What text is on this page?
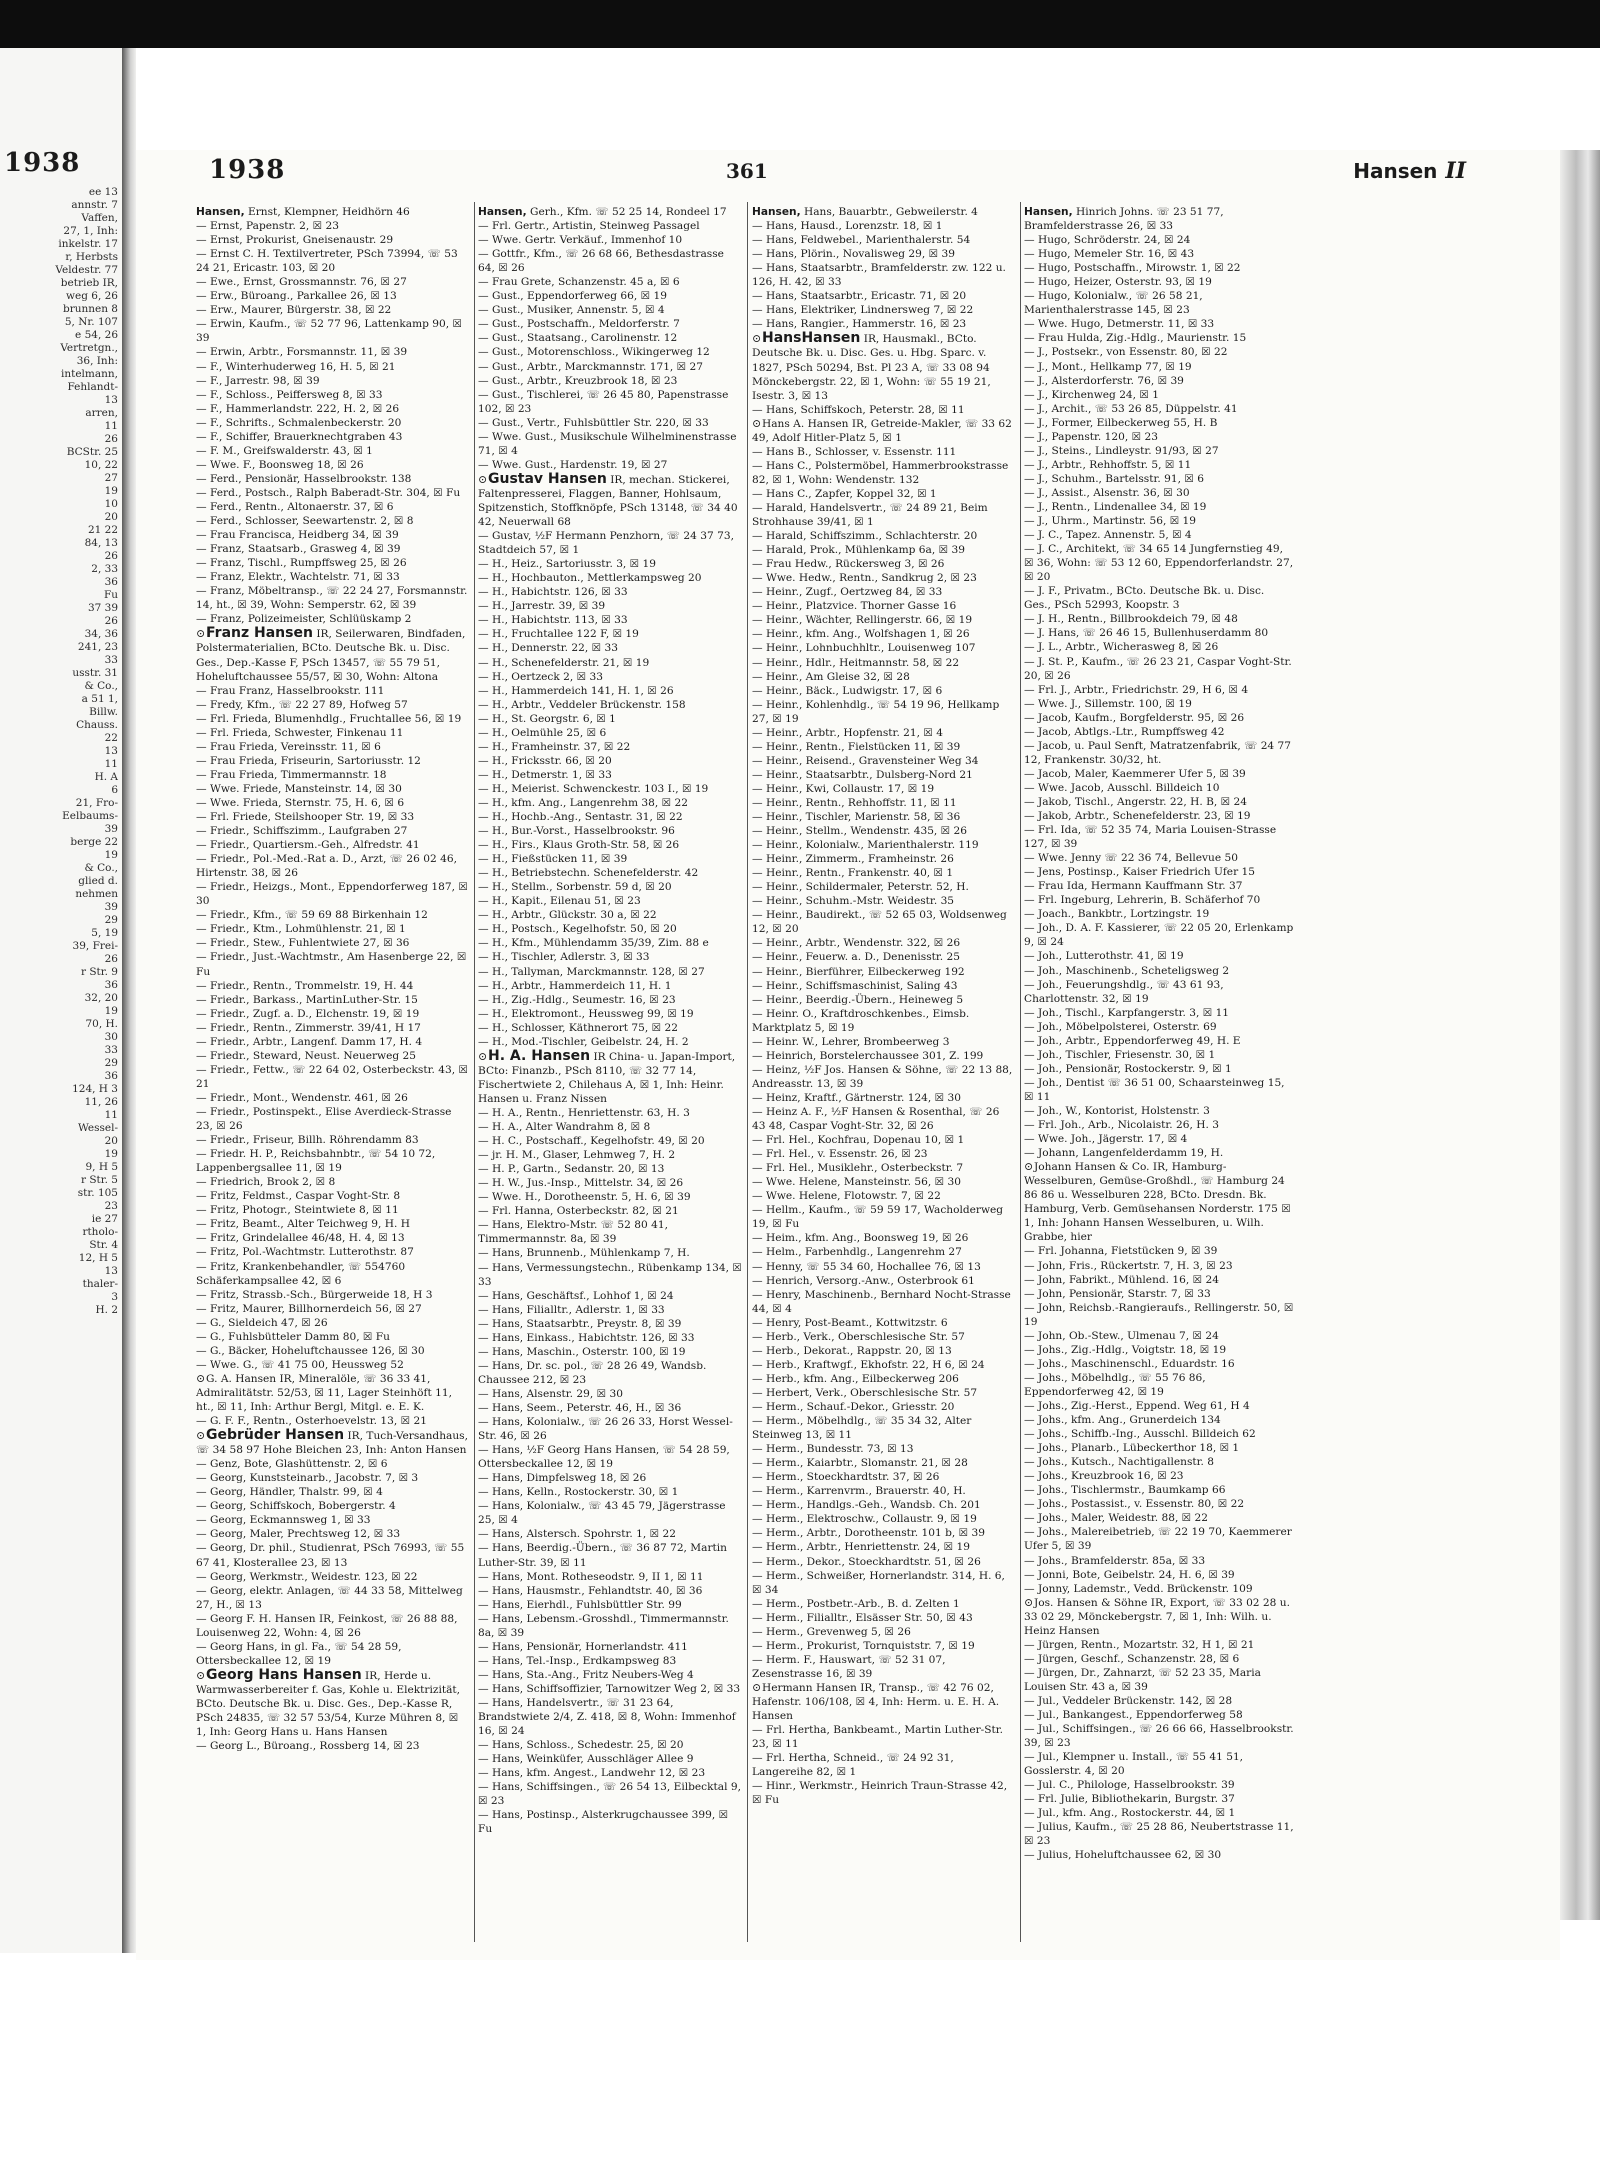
1938
ee 13
annstr. 7
Vaffen,
27, 1, Inh:
inkelstr. 17
r, Herbsts
Veldestr. 77
betrieb IR,
weg 6, 26
brunnen 8
5, Nr. 107
e 54, 26
Vertretgn.,
36, Inh:
intelmann,
Fehlandt-
13
arren,
11
26
BCStr. 25
10, 22
27
19
10
20
21 22
84, 13
26
2, 33
36
Fu
37 39
26
34, 36
241, 23
33
usstr. 31
& Co.,
a 51 1,
Billw.
Chauss.
22
13
11
H. A
6
21, Fro-
Eelbaums-
39
berge 22
19
& Co.,
glied d.
nehmen
39
29
5, 19
39, Frei-
26
r Str. 9
36
32, 20
19
70, H.
30
33
29
36
124, H 3
11, 26
11
Wessel-
20
19
9, H 5
r Str. 5
str. 105
23
ie 27
rtholo-
Str. 4
12, H 5
13
thaler-
3
H. 2
1938	361	Hansen II

Hansen, Ernst, Klempner, Heidhörn 46

— Ernst, Papenstr. 2, ☒ 23

— Ernst, Prokurist, Gneisenaustr. 29

— Ernst C. H. Textilvertreter, PSch 73994, ☏ 53 24 21, Ericastr. 103, ☒ 20

— Ewe., Ernst, Grossmannstr. 76, ☒ 27

— Erw., Büroang., Parkallee 26, ☒ 13

— Erw., Maurer, Bürgerstr. 38, ☒ 22

— Erwin, Kaufm., ☏ 52 77 96, Lattenkamp 90, ☒ 39

— Erwin, Arbtr., Forsmannstr. 11, ☒ 39

— F., Winterhuderweg 16, H. 5, ☒ 21

— F., Jarrestr. 98, ☒ 39

— F., Schloss., Peiffersweg 8, ☒ 33

— F., Hammerlandstr. 222, H. 2, ☒ 26

— F., Schrifts., Schmalenbeckerstr. 20

— F., Schiffer, Brauerknechtgraben 43

— F. M., Greifswalderstr. 43, ☒ 1

— Wwe. F., Boonsweg 18, ☒ 26

— Ferd., Pensionär, Hasselbrookstr. 138

— Ferd., Postsch., Ralph Baberadt-Str. 304, ☒ Fu

— Ferd., Rentn., Altonaerstr. 37, ☒ 6

— Ferd., Schlosser, Seewartenstr. 2, ☒ 8

— Frau Francisca, Heidberg 34, ☒ 39

— Franz, Staatsarb., Grasweg 4, ☒ 39

— Franz, Tischl., Rumpffsweg 25, ☒ 26

— Franz, Elektr., Wachtelstr. 71, ☒ 33

— Franz, Möbeltransp., ☏ 22 24 27, Forsmannstr. 14, ht., ☒ 39, Wohn: Semperstr. 62, ☒ 39

— Franz, Polizeimeister, Schlüüskamp 2

⊙Franz Hansen IR, Seilerwaren, Bindfaden, Polstermaterialien, BCto. Deutsche Bk. u. Disc. Ges., Dep.-Kasse F, PSch 13457, ☏ 55 79 51, Hoheluftchaussee 55/57, ☒ 30, Wohn: Altona

— Frau Franz, Hasselbrookstr. 111

— Fredy, Kfm., ☏ 22 27 89, Hofweg 57

— Frl. Frieda, Blumenhdlg., Fruchtallee 56, ☒ 19

— Frl. Frieda, Schwester, Finkenau 11

— Frau Frieda, Vereinsstr. 11, ☒ 6

— Frau Frieda, Friseurin, Sartoriusstr. 12

— Frau Frieda, Timmermannstr. 18

— Wwe. Friede, Mansteinstr. 14, ☒ 30

— Wwe. Frieda, Sternstr. 75, H. 6, ☒ 6

— Frl. Friede, Steilshooper Str. 19, ☒ 33

— Friedr., Schiffszimm., Laufgraben 27

— Friedr., Quartiersm.-Geh., Alfredstr. 41

— Friedr., Pol.-Med.-Rat a. D., Arzt, ☏ 26 02 46, Hirtenstr. 38, ☒ 26

— Friedr., Heizgs., Mont., Eppendorferweg 187, ☒ 30

— Friedr., Kfm., ☏ 59 69 88 Birkenhain 12

— Friedr., Ktm., Lohmühlenstr. 21, ☒ 1

— Friedr., Stew., Fuhlentwiete 27, ☒ 36

— Friedr., Just.-Wachtmstr., Am Hasenberge 22, ☒ Fu

— Friedr., Rentn., Trommelstr. 19, H. 44

— Friedr., Barkass., MartinLuther-Str. 15

— Friedr., Zugf. a. D., Elchenstr. 19, ☒ 19

— Friedr., Rentn., Zimmerstr. 39/41, H 17

— Friedr., Arbtr., Langenf. Damm 17, H. 4

— Friedr., Steward, Neust. Neuerweg 25

— Friedr., Fettw., ☏ 22 64 02, Osterbeckstr. 43, ☒ 21

— Friedr., Mont., Wendenstr. 461, ☒ 26

— Friedr., Postinspekt., Elise Averdieck-Strasse 23, ☒ 26

— Friedr., Friseur, Billh. Röhrendamm 83

— Friedr. H. P., Reichsbahnbtr., ☏ 54 10 72, Lappenbergsallee 11, ☒ 19

— Friedrich, Brook 2, ☒ 8

— Fritz, Feldmst., Caspar Voght-Str. 8

— Fritz, Photogr., Steintwiete 8, ☒ 11

— Fritz, Beamt., Alter Teichweg 9, H. H

— Fritz, Grindelallee 46/48, H. 4, ☒ 13

— Fritz, Pol.-Wachtmstr. Lutterothstr. 87

— Fritz, Krankenbehandler, ☏ 554760 Schäferkampsallee 42, ☒ 6

— Fritz, Strassb.-Sch., Bürgerweide 18, H 3

— Fritz, Maurer, Billhornerdeich 56, ☒ 27

— G., Sieldeich 47, ☒ 26

— G., Fuhlsbütteler Damm 80, ☒ Fu

— G., Bäcker, Hoheluftchaussee 126, ☒ 30

— Wwe. G., ☏ 41 75 00, Heussweg 52

⊙G. A. Hansen IR, Mineralöle, ☏ 36 33 41, Admiralitätstr. 52/53, ☒ 11, Lager Steinhöft 11, ht., ☒ 11, Inh: Arthur Bergl, Mitgl. e. E. K.

— G. F. F., Rentn., Osterhoevelstr. 13, ☒ 21

⊙Gebrüder Hansen IR, Tuch-Versandhaus, ☏ 34 58 97 Hohe Bleichen 23, Inh: Anton Hansen

— Genz, Bote, Glashüttenstr. 2, ☒ 6

— Georg, Kunststeinarb., Jacobstr. 7, ☒ 3

— Georg, Händler, Thalstr. 99, ☒ 4

— Georg, Schiffskoch, Bobergerstr. 4

— Georg, Eckmannsweg 1, ☒ 33

— Georg, Maler, Prechtsweg 12, ☒ 33

— Georg, Dr. phil., Studienrat, PSch 76993, ☏ 55 67 41, Klosterallee 23, ☒ 13

— Georg, Werkmstr., Weidestr. 123, ☒ 22

— Georg, elektr. Anlagen, ☏ 44 33 58, Mittelweg 27, H., ☒ 13

— Georg F. H. Hansen IR, Feinkost, ☏ 26 88 88, Louisenweg 22, Wohn: 4, ☒ 26

— Georg Hans, in gl. Fa., ☏ 54 28 59, Ottersbeckallee 12, ☒ 19

⊙Georg Hans Hansen IR, Herde u. Warmwasserbereiter f. Gas, Kohle u. Elektrizität, BCto. Deutsche Bk. u. Disc. Ges., Dep.-Kasse R, PSch 24835, ☏ 32 57 53/54, Kurze Mühren 8, ☒ 1, Inh: Georg Hans u. Hans Hansen

— Georg L., Büroang., Rossberg 14, ☒ 23

Hansen, Gerh., Kfm. ☏ 52 25 14, Rondeel 17

— Frl. Gertr., Artistin, Steinweg Passagel

— Wwe. Gertr. Verkäuf., Immenhof 10

— Gottfr., Kfm., ☏ 26 68 66, Bethesdastrasse 64, ☒ 26

— Frau Grete, Schanzenstr. 45 a, ☒ 6

— Gust., Eppendorferweg 66, ☒ 19

— Gust., Musiker, Annenstr. 5, ☒ 4

— Gust., Postschaffn., Meldorferstr. 7

— Gust., Staatsang., Carolinenstr. 12

— Gust., Motorenschloss., Wikingerweg 12

— Gust., Arbtr., Marckmannstr. 171, ☒ 27

— Gust., Arbtr., Kreuzbrook 18, ☒ 23

— Gust., Tischlerei, ☏ 26 45 80, Papenstrasse 102, ☒ 23

— Gust., Vertr., Fuhlsbüttler Str. 220, ☒ 33

— Wwe. Gust., Musikschule Wilhelminenstrasse 71, ☒ 4

— Wwe. Gust., Hardenstr. 19, ☒ 27

⊙Gustav Hansen IR, mechan. Stickerei, Faltenpresserei, Flaggen, Banner, Hohlsaum, Spitzenstich, Stoffknöpfe, PSch 13148, ☏ 34 40 42, Neuerwall 68

— Gustav, ½F Hermann Penzhorn, ☏ 24 37 73, Stadtdeich 57, ☒ 1

— H., Heiz., Sartoriusstr. 3, ☒ 19

— H., Hochbauton., Mettlerkampsweg 20

— H., Habichtstr. 126, ☒ 33

— H., Jarrestr. 39, ☒ 39

— H., Habichtstr. 113, ☒ 33

— H., Fruchtallee 122 F, ☒ 19

— H., Dennerstr. 22, ☒ 33

— H., Schenefelderstr. 21, ☒ 19

— H., Oertzeck 2, ☒ 33

— H., Hammerdeich 141, H. 1, ☒ 26

— H., Arbtr., Veddeler Brückenstr. 158

— H., St. Georgstr. 6, ☒ 1

— H., Oelmühle 25, ☒ 6

— H., Framheinstr. 37, ☒ 22

— H., Fricksstr. 66, ☒ 20

— H., Detmerstr. 1, ☒ 33

— H., Meierist. Schwenckestr. 103 I., ☒ 19

— H., kfm. Ang., Langenrehm 38, ☒ 22

— H., Hochb.-Ang., Sentastr. 31, ☒ 22

— H., Bur.-Vorst., Hasselbrookstr. 96

— H., Firs., Klaus Groth-Str. 58, ☒ 26

— H., Fießstücken 11, ☒ 39

— H., Betriebstechn. Schenefelderstr. 42

— H., Stellm., Sorbenstr. 59 d, ☒ 20

— H., Kapit., Eilenau 51, ☒ 23

— H., Arbtr., Glückstr. 30 a, ☒ 22

— H., Postsch., Kegelhofstr. 50, ☒ 20

— H., Kfm., Mühlendamm 35/39, Zim. 88 e

— H., Tischler, Adlerstr. 3, ☒ 33

— H., Tallyman, Marckmannstr. 128, ☒ 27

— H., Arbtr., Hammerdeich 11, H. 1

— H., Zig.-Hdlg., Seumestr. 16, ☒ 23

— H., Elektromont., Heussweg 99, ☒ 19

— H., Schlosser, Käthnerort 75, ☒ 22

— H., Mod.-Tischler, Geibelstr. 24, H. 2

⊙H. A. Hansen IR China- u. Japan-Import, BCto: Finanzb., PSch 8110, ☏ 32 77 14, Fischertwiete 2, Chilehaus A, ☒ 1, Inh: Heinr. Hansen u. Franz Nissen

— H. A., Rentn., Henriettenstr. 63, H. 3

— H. A., Alter Wandrahm 8, ☒ 8

— H. C., Postschaff., Kegelhofstr. 49, ☒ 20

— jr. H. M., Glaser, Lehmweg 7, H. 2

— H. P., Gartn., Sedanstr. 20, ☒ 13

— H. W., Jus.-Insp., Mittelstr. 34, ☒ 26

— Wwe. H., Dorotheenstr. 5, H. 6, ☒ 39

— Frl. Hanna, Osterbeckstr. 82, ☒ 21

— Hans, Elektro-Mstr. ☏ 52 80 41, Timmermannstr. 8a, ☒ 39

— Hans, Brunnenb., Mühlenkamp 7, H.

— Hans, Vermessungstechn., Rübenkamp 134, ☒ 33

— Hans, Geschäftsf., Lohhof 1, ☒ 24

— Hans, Filialltr., Adlerstr. 1, ☒ 33

— Hans, Staatsarbtr., Preystr. 8, ☒ 39

— Hans, Einkass., Habichtstr. 126, ☒ 33

— Hans, Maschin., Osterstr. 100, ☒ 19

— Hans, Dr. sc. pol., ☏ 28 26 49, Wandsb. Chaussee 212, ☒ 23

— Hans, Alsenstr. 29, ☒ 30

— Hans, Seem., Peterstr. 46, H., ☒ 36

— Hans, Kolonialw., ☏ 26 26 33, Horst Wessel-Str. 46, ☒ 26

— Hans, ½F Georg Hans Hansen, ☏ 54 28 59, Ottersbeckallee 12, ☒ 19

— Hans, Dimpfelsweg 18, ☒ 26

— Hans, Kelln., Rostockerstr. 30, ☒ 1

— Hans, Kolonialw., ☏ 43 45 79, Jägerstrasse 25, ☒ 4

— Hans, Alstersch. Spohrstr. 1, ☒ 22

— Hans, Beerdig.-Übern., ☏ 36 87 72, Martin Luther-Str. 39, ☒ 11

— Hans, Mont. Rotheseodstr. 9, II 1, ☒ 11

— Hans, Hausmstr., Fehlandtstr. 40, ☒ 36

— Hans, Eierhdl., Fuhlsbüttler Str. 99

— Hans, Lebensm.-Grosshdl., Timmermannstr. 8a, ☒ 39

— Hans, Pensionär, Hornerlandstr. 411

— Hans, Tel.-Insp., Erdkampsweg 83

— Hans, Sta.-Ang., Fritz Neubers-Weg 4

— Hans, Schiffsoffizier, Tarnowitzer Weg 2, ☒ 33

— Hans, Handelsvertr., ☏ 31 23 64, Brandstwiete 2/4, Z. 418, ☒ 8, Wohn: Immenhof 16, ☒ 24

— Hans, Schloss., Schedestr. 25, ☒ 20

— Hans, Weinküfer, Ausschläger Allee 9

— Hans, kfm. Angest., Landwehr 12, ☒ 23

— Hans, Schiffsingen., ☏ 26 54 13, Eilbecktal 9, ☒ 23

— Hans, Postinsp., Alsterkrugchaussee 399, ☒ Fu

Hansen, Hans, Bauarbtr., Gebweilerstr. 4

— Hans, Hausd., Lorenzstr. 18, ☒ 1

— Hans, Feldwebel., Marienthalerstr. 54

— Hans, Plörin., Novalisweg 29, ☒ 39

— Hans, Staatsarbtr., Bramfelderstr. zw. 122 u. 126, H. 42, ☒ 33

— Hans, Staatsarbtr., Ericastr. 71, ☒ 20

— Hans, Elektriker, Lindnersweg 7, ☒ 22

— Hans, Rangier., Hammerstr. 16, ☒ 23

⊙HansHansen IR, Hausmakl., BCto. Deutsche Bk. u. Disc. Ges. u. Hbg. Sparc. v. 1827, PSch 50294, Bst. Pl 23 A, ☏ 33 08 94 Mönckebergstr. 22, ☒ 1, Wohn: ☏ 55 19 21, Isestr. 3, ☒ 13

— Hans, Schiffskoch, Peterstr. 28, ☒ 11

⊙Hans A. Hansen IR, Getreide-Makler, ☏ 33 62 49, Adolf Hitler-Platz 5, ☒ 1

— Hans B., Schlosser, v. Essenstr. 111

— Hans C., Polstermöbel, Hammerbrookstrasse 82, ☒ 1, Wohn: Wendenstr. 132

— Hans C., Zapfer, Koppel 32, ☒ 1

— Harald, Handelsvertr., ☏ 24 89 21, Beim Strohhause 39/41, ☒ 1

— Harald, Schiffszimm., Schlachterstr. 20

— Harald, Prok., Mühlenkamp 6a, ☒ 39

— Frau Hedw., Rückersweg 3, ☒ 26

— Wwe. Hedw., Rentn., Sandkrug 2, ☒ 23

— Heinr., Zugf., Oertzweg 84, ☒ 33

— Heinr., Platzvice. Thorner Gasse 16

— Heinr., Wächter, Rellingerstr. 66, ☒ 19

— Heinr., kfm. Ang., Wolfshagen 1, ☒ 26

— Heinr., Lohnbuchhltr., Louisenweg 107

— Heinr., Hdlr., Heitmannstr. 58, ☒ 22

— Heinr., Am Gleise 32, ☒ 28

— Heinr., Bäck., Ludwigstr. 17, ☒ 6

— Heinr., Kohlenhdlg., ☏ 54 19 96, Hellkamp 27, ☒ 19

— Heinr., Arbtr., Hopfenstr. 21, ☒ 4

— Heinr., Rentn., Fielstücken 11, ☒ 39

— Heinr., Reisend., Gravensteiner Weg 34

— Heinr., Staatsarbtr., Dulsberg-Nord 21

— Heinr., Kwi, Collaustr. 17, ☒ 19

— Heinr., Rentn., Rehhoffstr. 11, ☒ 11

— Heinr., Tischler, Marienstr. 58, ☒ 36

— Heinr., Stellm., Wendenstr. 435, ☒ 26

— Heinr., Kolonialw., Marienthalerstr. 119

— Heinr., Zimmerm., Framheinstr. 26

— Heinr., Rentn., Frankenstr. 40, ☒ 1

— Heinr., Schildermaler, Peterstr. 52, H.

— Heinr., Schuhm.-Mstr. Weidestr. 35

— Heinr., Baudirekt., ☏ 52 65 03, Woldsenweg 12, ☒ 20

— Heinr., Arbtr., Wendenstr. 322, ☒ 26

— Heinr., Feuerw. a. D., Denenisstr. 25

— Heinr., Bierführer, Eilbeckerweg 192

— Heinr., Schiffsmaschinist, Saling 43

— Heinr., Beerdig.-Übern., Heineweg 5

— Heinr. O., Kraftdroschkenbes., Eimsb. Marktplatz 5, ☒ 19

— Heinr. W., Lehrer, Brombeerweg 3

— Heinrich, Borstelerchaussee 301, Z. 199

— Heinz, ½F Jos. Hansen & Söhne, ☏ 22 13 88, Andreasstr. 13, ☒ 39

— Heinz, Kraftf., Gärtnerstr. 124, ☒ 30

— Heinz A. F., ½F Hansen & Rosenthal, ☏ 26 43 48, Caspar Voght-Str. 32, ☒ 26

— Frl. Hel., Kochfrau, Dopenau 10, ☒ 1

— Frl. Hel., v. Essenstr. 26, ☒ 23

— Frl. Hel., Musiklehr., Osterbeckstr. 7

— Wwe. Helene, Mansteinstr. 56, ☒ 30

— Wwe. Helene, Flotowstr. 7, ☒ 22

— Hellm., Kaufm., ☏ 59 59 17, Wacholderweg 19, ☒ Fu

— Heim., kfm. Ang., Boonsweg 19, ☒ 26

— Helm., Farbenhdlg., Langenrehm 27

— Henny, ☏ 55 34 60, Hochallee 76, ☒ 13

— Henrich, Versorg.-Anw., Osterbrook 61

— Henry, Maschinenb., Bernhard Nocht-Strasse 44, ☒ 4

— Henry, Post-Beamt., Kottwitzstr. 6

— Herb., Verk., Oberschlesische Str. 57

— Herb., Dekorat., Rappstr. 20, ☒ 13

— Herb., Kraftwgf., Ekhofstr. 22, H 6, ☒ 24

— Herb., kfm. Ang., Eilbeckerweg 206

— Herbert, Verk., Oberschlesische Str. 57

— Herm., Schauf.-Dekor., Griesstr. 20

— Herm., Möbelhdlg., ☏ 35 34 32, Alter Steinweg 13, ☒ 11

— Herm., Bundesstr. 73, ☒ 13

— Herm., Kaiarbtr., Slomanstr. 21, ☒ 28

— Herm., Stoeckhardtstr. 37, ☒ 26

— Herm., Karrenvrm., Brauerstr. 40, H.

— Herm., Handlgs.-Geh., Wandsb. Ch. 201

— Herm., Elektroschw., Collaustr. 9, ☒ 19

— Herm., Arbtr., Dorotheenstr. 101 b, ☒ 39

— Herm., Arbtr., Henriettenstr. 24, ☒ 19

— Herm., Dekor., Stoeckhardtstr. 51, ☒ 26

— Herm., Schweißer, Hornerlandstr. 314, H. 6, ☒ 34

— Herm., Postbetr.-Arb., B. d. Zelten 1

— Herm., Filialltr., Elsässer Str. 50, ☒ 43

— Herm., Grevenweg 5, ☒ 26

— Herm., Prokurist, Tornquiststr. 7, ☒ 19

— Herm. F., Hauswart, ☏ 52 31 07, Zesenstrasse 16, ☒ 39

⊙Hermann Hansen IR, Transp., ☏ 42 76 02, Hafenstr. 106/108, ☒ 4, Inh: Herm. u. E. H. A. Hansen

— Frl. Hertha, Bankbeamt., Martin Luther-Str. 23, ☒ 11

— Frl. Hertha, Schneid., ☏ 24 92 31, Langereihe 82, ☒ 1

— Hinr., Werkmstr., Heinrich Traun-Strasse 42, ☒ Fu

Hansen, Hinrich Johns. ☏ 23 51 77, Bramfelderstrasse 26, ☒ 33

— Hugo, Schröderstr. 24, ☒ 24

— Hugo, Memeler Str. 16, ☒ 43

— Hugo, Postschaffn., Mirowstr. 1, ☒ 22

— Hugo, Heizer, Osterstr. 93, ☒ 19

— Hugo, Kolonialw., ☏ 26 58 21, Marienthalerstrasse 145, ☒ 23

— Wwe. Hugo, Detmerstr. 11, ☒ 33

— Frau Hulda, Zig.-Hdlg., Maurienstr. 15

— J., Postsekr., von Essenstr. 80, ☒ 22

— J., Mont., Hellkamp 77, ☒ 19

— J., Alsterdorferstr. 76, ☒ 39

— J., Kirchenweg 24, ☒ 1

— J., Archit., ☏ 53 26 85, Düppelstr. 41

— J., Former, Eilbeckerweg 55, H. B

— J., Papenstr. 120, ☒ 23

— J., Steins., Lindleystr. 91/93, ☒ 27

— J., Arbtr., Rehhoffstr. 5, ☒ 11

— J., Schuhm., Bartelsstr. 91, ☒ 6

— J., Assist., Alsenstr. 36, ☒ 30

— J., Rentn., Lindenallee 34, ☒ 19

— J., Uhrm., Martinstr. 56, ☒ 19

— J. C., Tapez. Annenstr. 5, ☒ 4

— J. C., Architekt, ☏ 34 65 14 Jungfernstieg 49, ☒ 36, Wohn: ☏ 53 12 60, Eppendorferlandstr. 27, ☒ 20

— J. F., Privatm., BCto. Deutsche Bk. u. Disc. Ges., PSch 52993, Koopstr. 3

— J. H., Rentn., Billbrookdeich 79, ☒ 48

— J. Hans, ☏ 26 46 15, Bullenhuserdamm 80

— J. L., Arbtr., Wicherasweg 8, ☒ 26

— J. St. P., Kaufm., ☏ 26 23 21, Caspar Voght-Str. 20, ☒ 26

— Frl. J., Arbtr., Friedrichstr. 29, H 6, ☒ 4

— Wwe. J., Sillemstr. 100, ☒ 19

— Jacob, Kaufm., Borgfelderstr. 95, ☒ 26

— Jacob, Abtlgs.-Ltr., Rumpffsweg 42

— Jacob, u. Paul Senft, Matratzenfabrik, ☏ 24 77 12, Frankenstr. 30/32, ht.

— Jacob, Maler, Kaemmerer Ufer 5, ☒ 39

— Wwe. Jacob, Ausschl. Billdeich 10

— Jakob, Tischl., Angerstr. 22, H. B, ☒ 24

— Jakob, Arbtr., Schenefelderstr. 23, ☒ 19

— Frl. Ida, ☏ 52 35 74, Maria Louisen-Strasse 127, ☒ 39

— Wwe. Jenny ☏ 22 36 74, Bellevue 50

— Jens, Postinsp., Kaiser Friedrich Ufer 15

— Frau Ida, Hermann Kauffmann Str. 37

— Frl. Ingeburg, Lehrerin, B. Schäferhof 70

— Joach., Bankbtr., Lortzingstr. 19

— Joh., D. A. F. Kassierer, ☏ 22 05 20, Erlenkamp 9, ☒ 24

— Joh., Lutterothstr. 41, ☒ 19

— Joh., Maschinenb., Scheteligsweg 2

— Joh., Feuerungshdlg., ☏ 43 61 93, Charlottenstr. 32, ☒ 19

— Joh., Tischl., Karpfangerstr. 3, ☒ 11

— Joh., Möbelpolsterei, Osterstr. 69

— Joh., Arbtr., Eppendorferweg 49, H. E

— Joh., Tischler, Friesenstr. 30, ☒ 1

— Joh., Pensionär, Rostockerstr. 9, ☒ 1

— Joh., Dentist ☏ 36 51 00, Schaarsteinweg 15, ☒ 11

— Joh., W., Kontorist, Holstenstr. 3

— Frl. Joh., Arb., Nicolaistr. 26, H. 3

— Wwe. Joh., Jägerstr. 17, ☒ 4

— Johann, Langenfelderdamm 19, H.

⊙Johann Hansen & Co. IR, Hamburg-Wesselburen, Gemüse-Großhdl., ☏ Hamburg 24 86 86 u. Wesselburen 228, BCto. Dresdn. Bk. Hamburg, Verb. Gemüsehansen Norderstr. 175 ☒ 1, Inh: Johann Hansen Wesselburen, u. Wilh. Grabbe, hier

— Frl. Johanna, Fietstücken 9, ☒ 39

— John, Fris., Rückertstr. 7, H. 3, ☒ 23

— John, Fabrikt., Mühlend. 16, ☒ 24

— John, Pensionär, Starstr. 7, ☒ 33

— John, Reichsb.-Rangieraufs., Rellingerstr. 50, ☒ 19

— John, Ob.-Stew., Ulmenau 7, ☒ 24

— Johs., Zig.-Hdlg., Voigtstr. 18, ☒ 19

— Johs., Maschinenschl., Eduardstr. 16

— Johs., Möbelhdlg., ☏ 55 76 86, Eppendorferweg 42, ☒ 19

— Johs., Zig.-Herst., Eppend. Weg 61, H 4

— Johs., kfm. Ang., Grunerdeich 134

— Johs., Schiffb.-Ing., Ausschl. Billdeich 62

— Johs., Planarb., Lübeckerthor 18, ☒ 1

— Johs., Kutsch., Nachtigallenstr. 8

— Johs., Kreuzbrook 16, ☒ 23

— Johs., Tischlermstr., Baumkamp 66

— Johs., Postassist., v. Essenstr. 80, ☒ 22

— Johs., Maler, Weidestr. 88, ☒ 22

— Johs., Malereibetrieb, ☏ 22 19 70, Kaemmerer Ufer 5, ☒ 39

— Johs., Bramfelderstr. 85a, ☒ 33

— Jonni, Bote, Geibelstr. 24, H. 6, ☒ 39

— Jonny, Lademstr., Vedd. Brückenstr. 109

⊙Jos. Hansen & Söhne IR, Export, ☏ 33 02 28 u. 33 02 29, Mönckebergstr. 7, ☒ 1, Inh: Wilh. u. Heinz Hansen

— Jürgen, Rentn., Mozartstr. 32, H 1, ☒ 21

— Jürgen, Geschf., Schanzenstr. 28, ☒ 6

— Jürgen, Dr., Zahnarzt, ☏ 52 23 35, Maria Louisen Str. 43 a, ☒ 39

— Jul., Veddeler Brückenstr. 142, ☒ 28

— Jul., Bankangest., Eppendorferweg 58

— Jul., Schiffsingen., ☏ 26 66 66, Hasselbrookstr. 39, ☒ 23

— Jul., Klempner u. Install., ☏ 55 41 51, Gosslerstr. 4, ☒ 20

— Jul. C., Philologe, Hasselbrookstr. 39

— Frl. Julie, Bibliothekarin, Burgstr. 37

— Jul., kfm. Ang., Rostockerstr. 44, ☒ 1

— Julius, Kaufm., ☏ 25 28 86, Neubertstrasse 11, ☒ 23

— Julius, Hoheluftchaussee 62, ☒ 30
